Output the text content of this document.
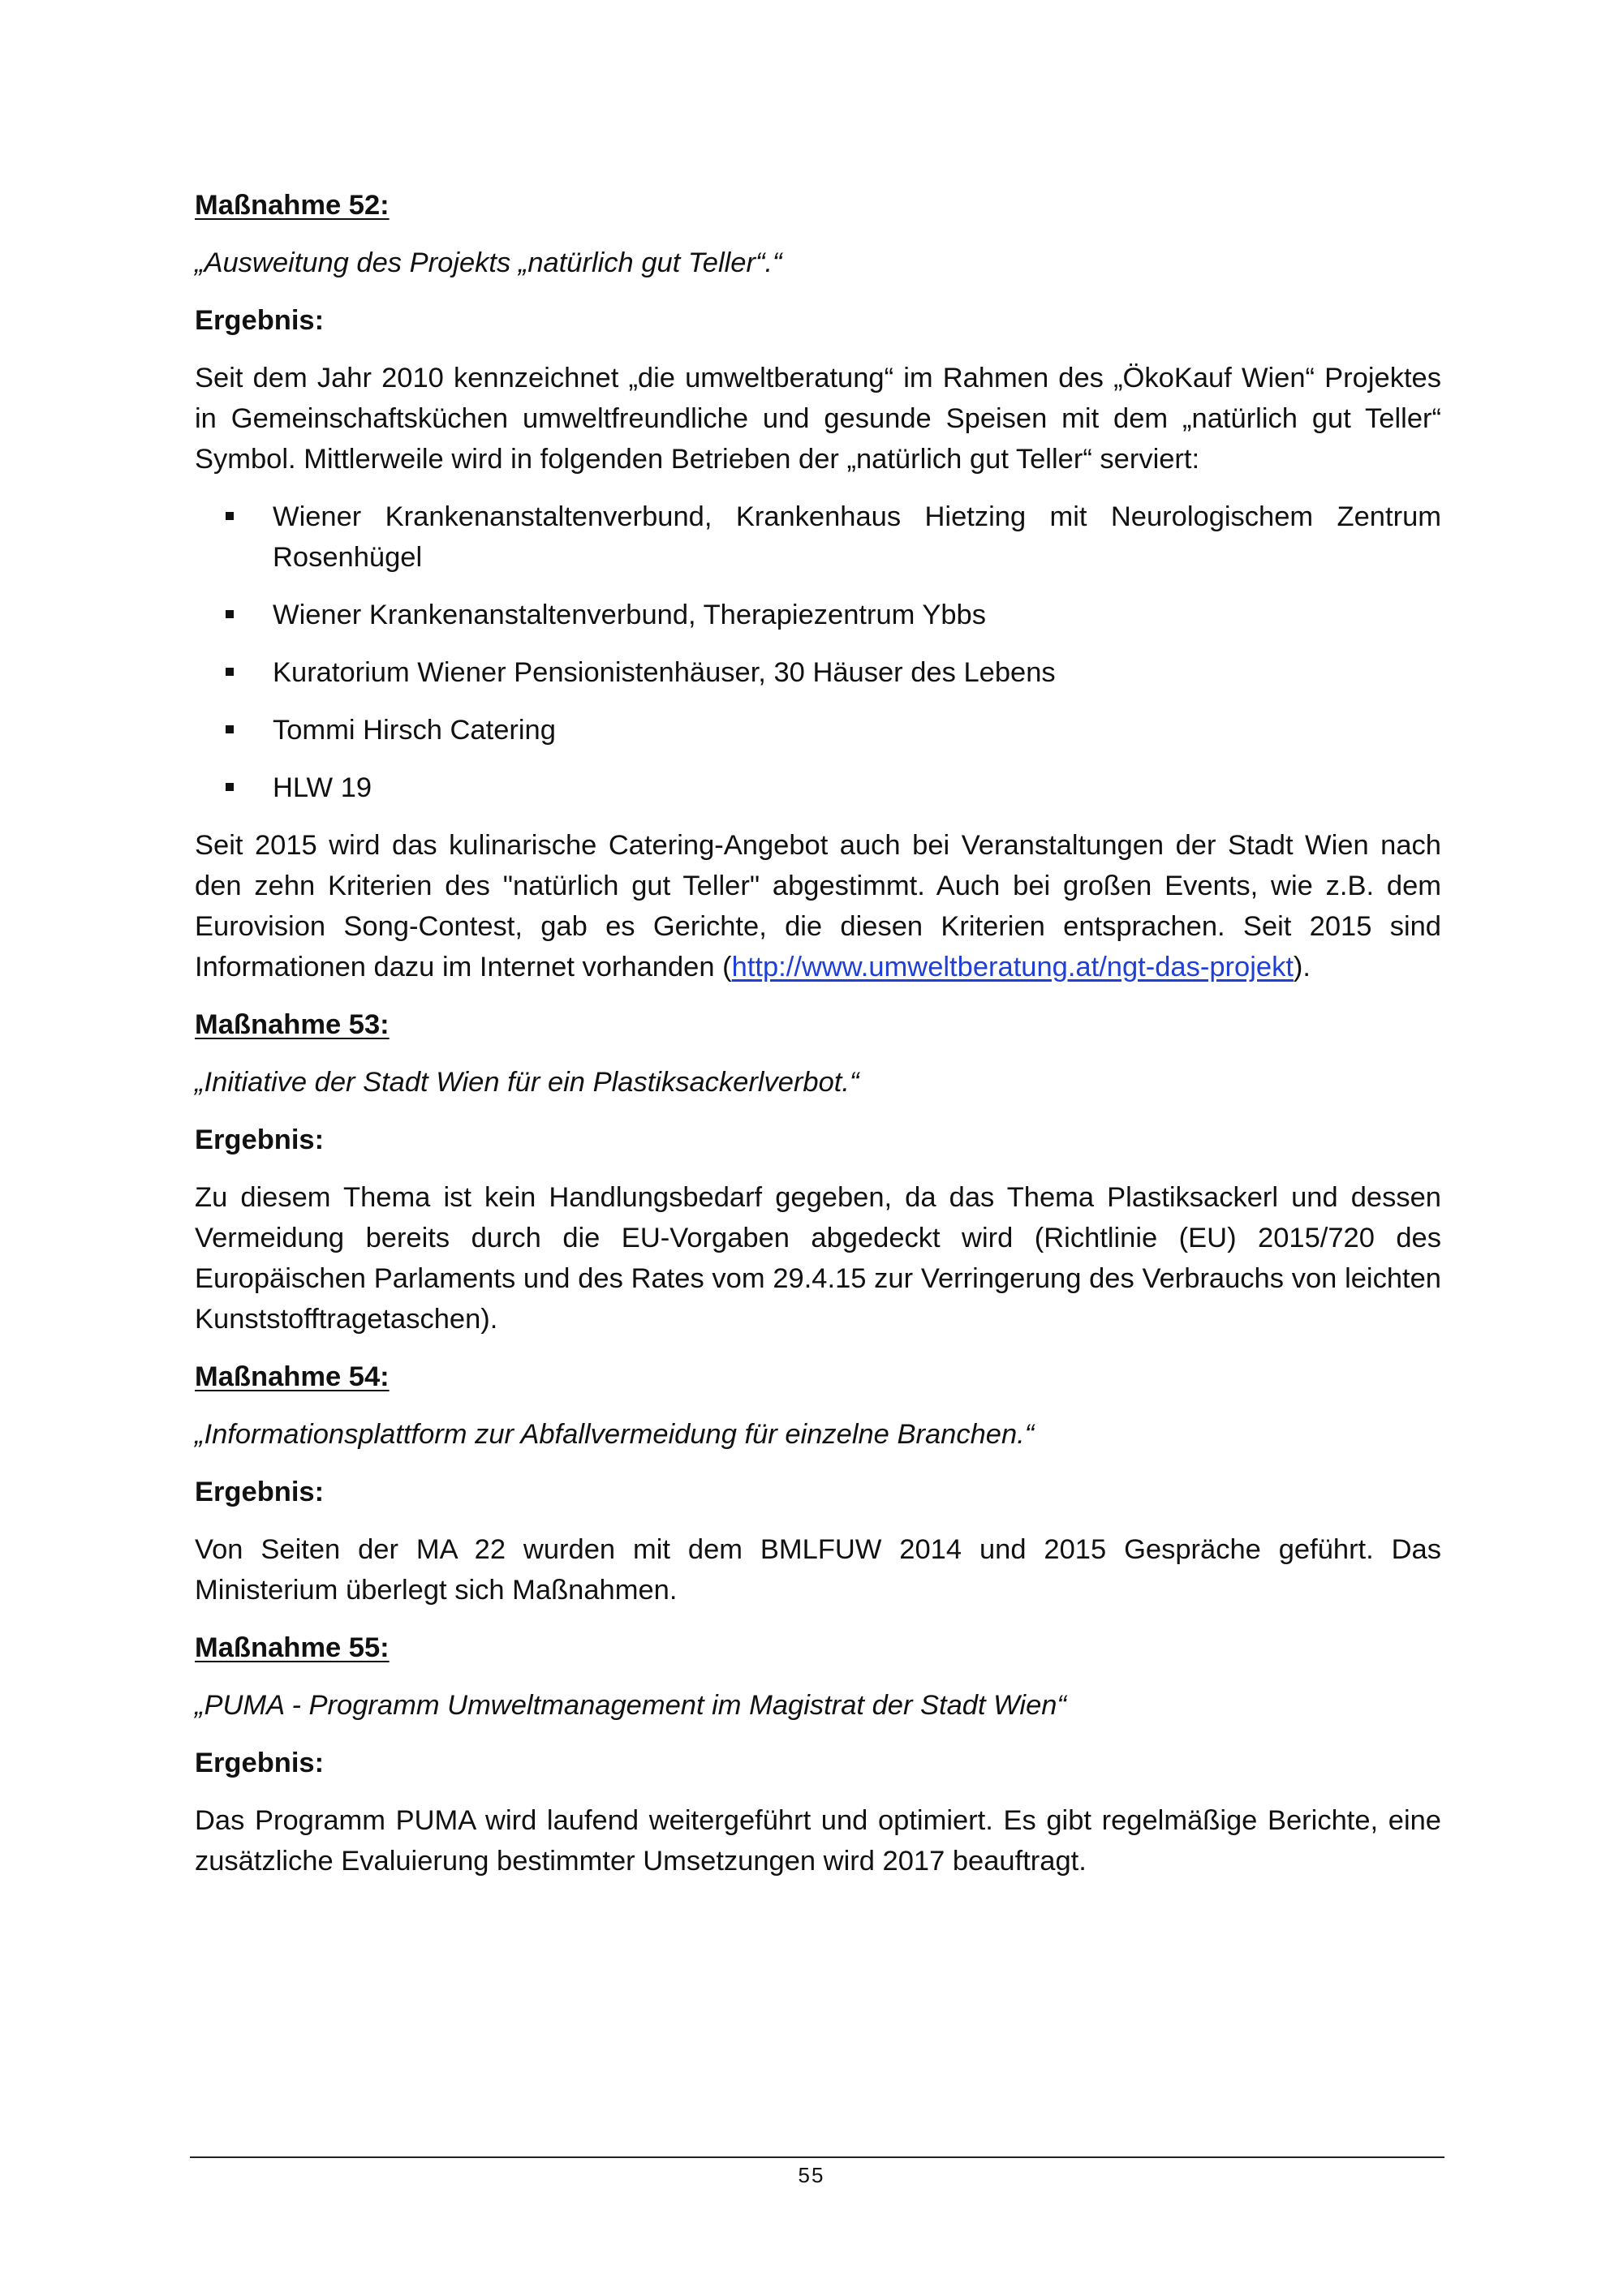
Maßnahme 52:
„Ausweitung des Projekts „natürlich gut Teller“.“
Ergebnis:
Seit dem Jahr 2010 kennzeichnet „die umweltberatung“ im Rahmen des „ÖkoKauf Wien“ Projektes in Gemeinschaftsküchen umweltfreundliche und gesunde Speisen mit dem „natürlich gut Teller“ Symbol. Mittlerweile wird in folgenden Betrieben der „natürlich gut Teller“ serviert:
Wiener Krankenanstaltenverbund, Krankenhaus Hietzing mit Neurologischem Zentrum Rosenhügel
Wiener Krankenanstaltenverbund, Therapiezentrum Ybbs
Kuratorium Wiener Pensionistenhäuser, 30 Häuser des Lebens
Tommi Hirsch Catering
HLW 19
Seit 2015 wird das kulinarische Catering-Angebot auch bei Veranstaltungen der Stadt Wien nach den zehn Kriterien des "natürlich gut Teller" abgestimmt. Auch bei großen Events, wie z.B. dem Eurovision Song-Contest, gab es Gerichte, die diesen Kriterien entsprachen. Seit 2015 sind Informationen dazu im Internet vorhanden (http://www.umweltberatung.at/ngt-das-projekt).
Maßnahme 53:
„Initiative der Stadt Wien für ein Plastiksackerlverbot.“
Ergebnis:
Zu diesem Thema ist kein Handlungsbedarf gegeben, da das Thema Plastiksackerl und dessen Vermeidung bereits durch die EU-Vorgaben abgedeckt wird (Richtlinie (EU) 2015/720 des Europäischen Parlaments und des Rates vom 29.4.15 zur Verringerung des Verbrauchs von leichten Kunststofftragetaschen).
Maßnahme 54:
„Informationsplattform zur Abfallvermeidung für einzelne Branchen.“
Ergebnis:
Von Seiten der MA 22 wurden mit dem BMLFUW 2014 und 2015 Gespräche geführt. Das Ministerium überlegt sich Maßnahmen.
Maßnahme 55:
„PUMA - Programm Umweltmanagement im Magistrat der Stadt Wien“
Ergebnis:
Das Programm PUMA wird laufend weitergeführt und optimiert. Es gibt regelmäßige Berichte, eine zusätzliche Evaluierung bestimmter Umsetzungen wird 2017 beauftragt.
55
